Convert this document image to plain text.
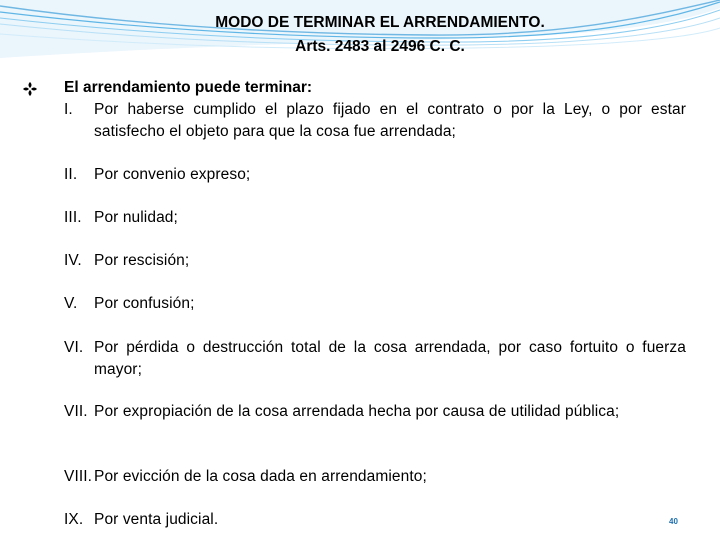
MODO DE TERMINAR EL ARRENDAMIENTO.
Arts. 2483 al 2496 C. C.
El arrendamiento puede terminar:
I.	Por haberse cumplido el plazo fijado en el contrato o por la Ley, o por estar satisfecho el objeto para que la cosa fue arrendada;
II.	Por convenio expreso;
III. Por nulidad;
IV. Por rescisión;
V.	Por confusión;
VI. Por pérdida o destrucción total de la cosa arrendada, por caso fortuito o fuerza mayor;
VII. Por expropiación de la cosa arrendada hecha por causa de utilidad pública;
VIII. Por evicción de la cosa dada en arrendamiento;
IX. Por venta judicial.	40
